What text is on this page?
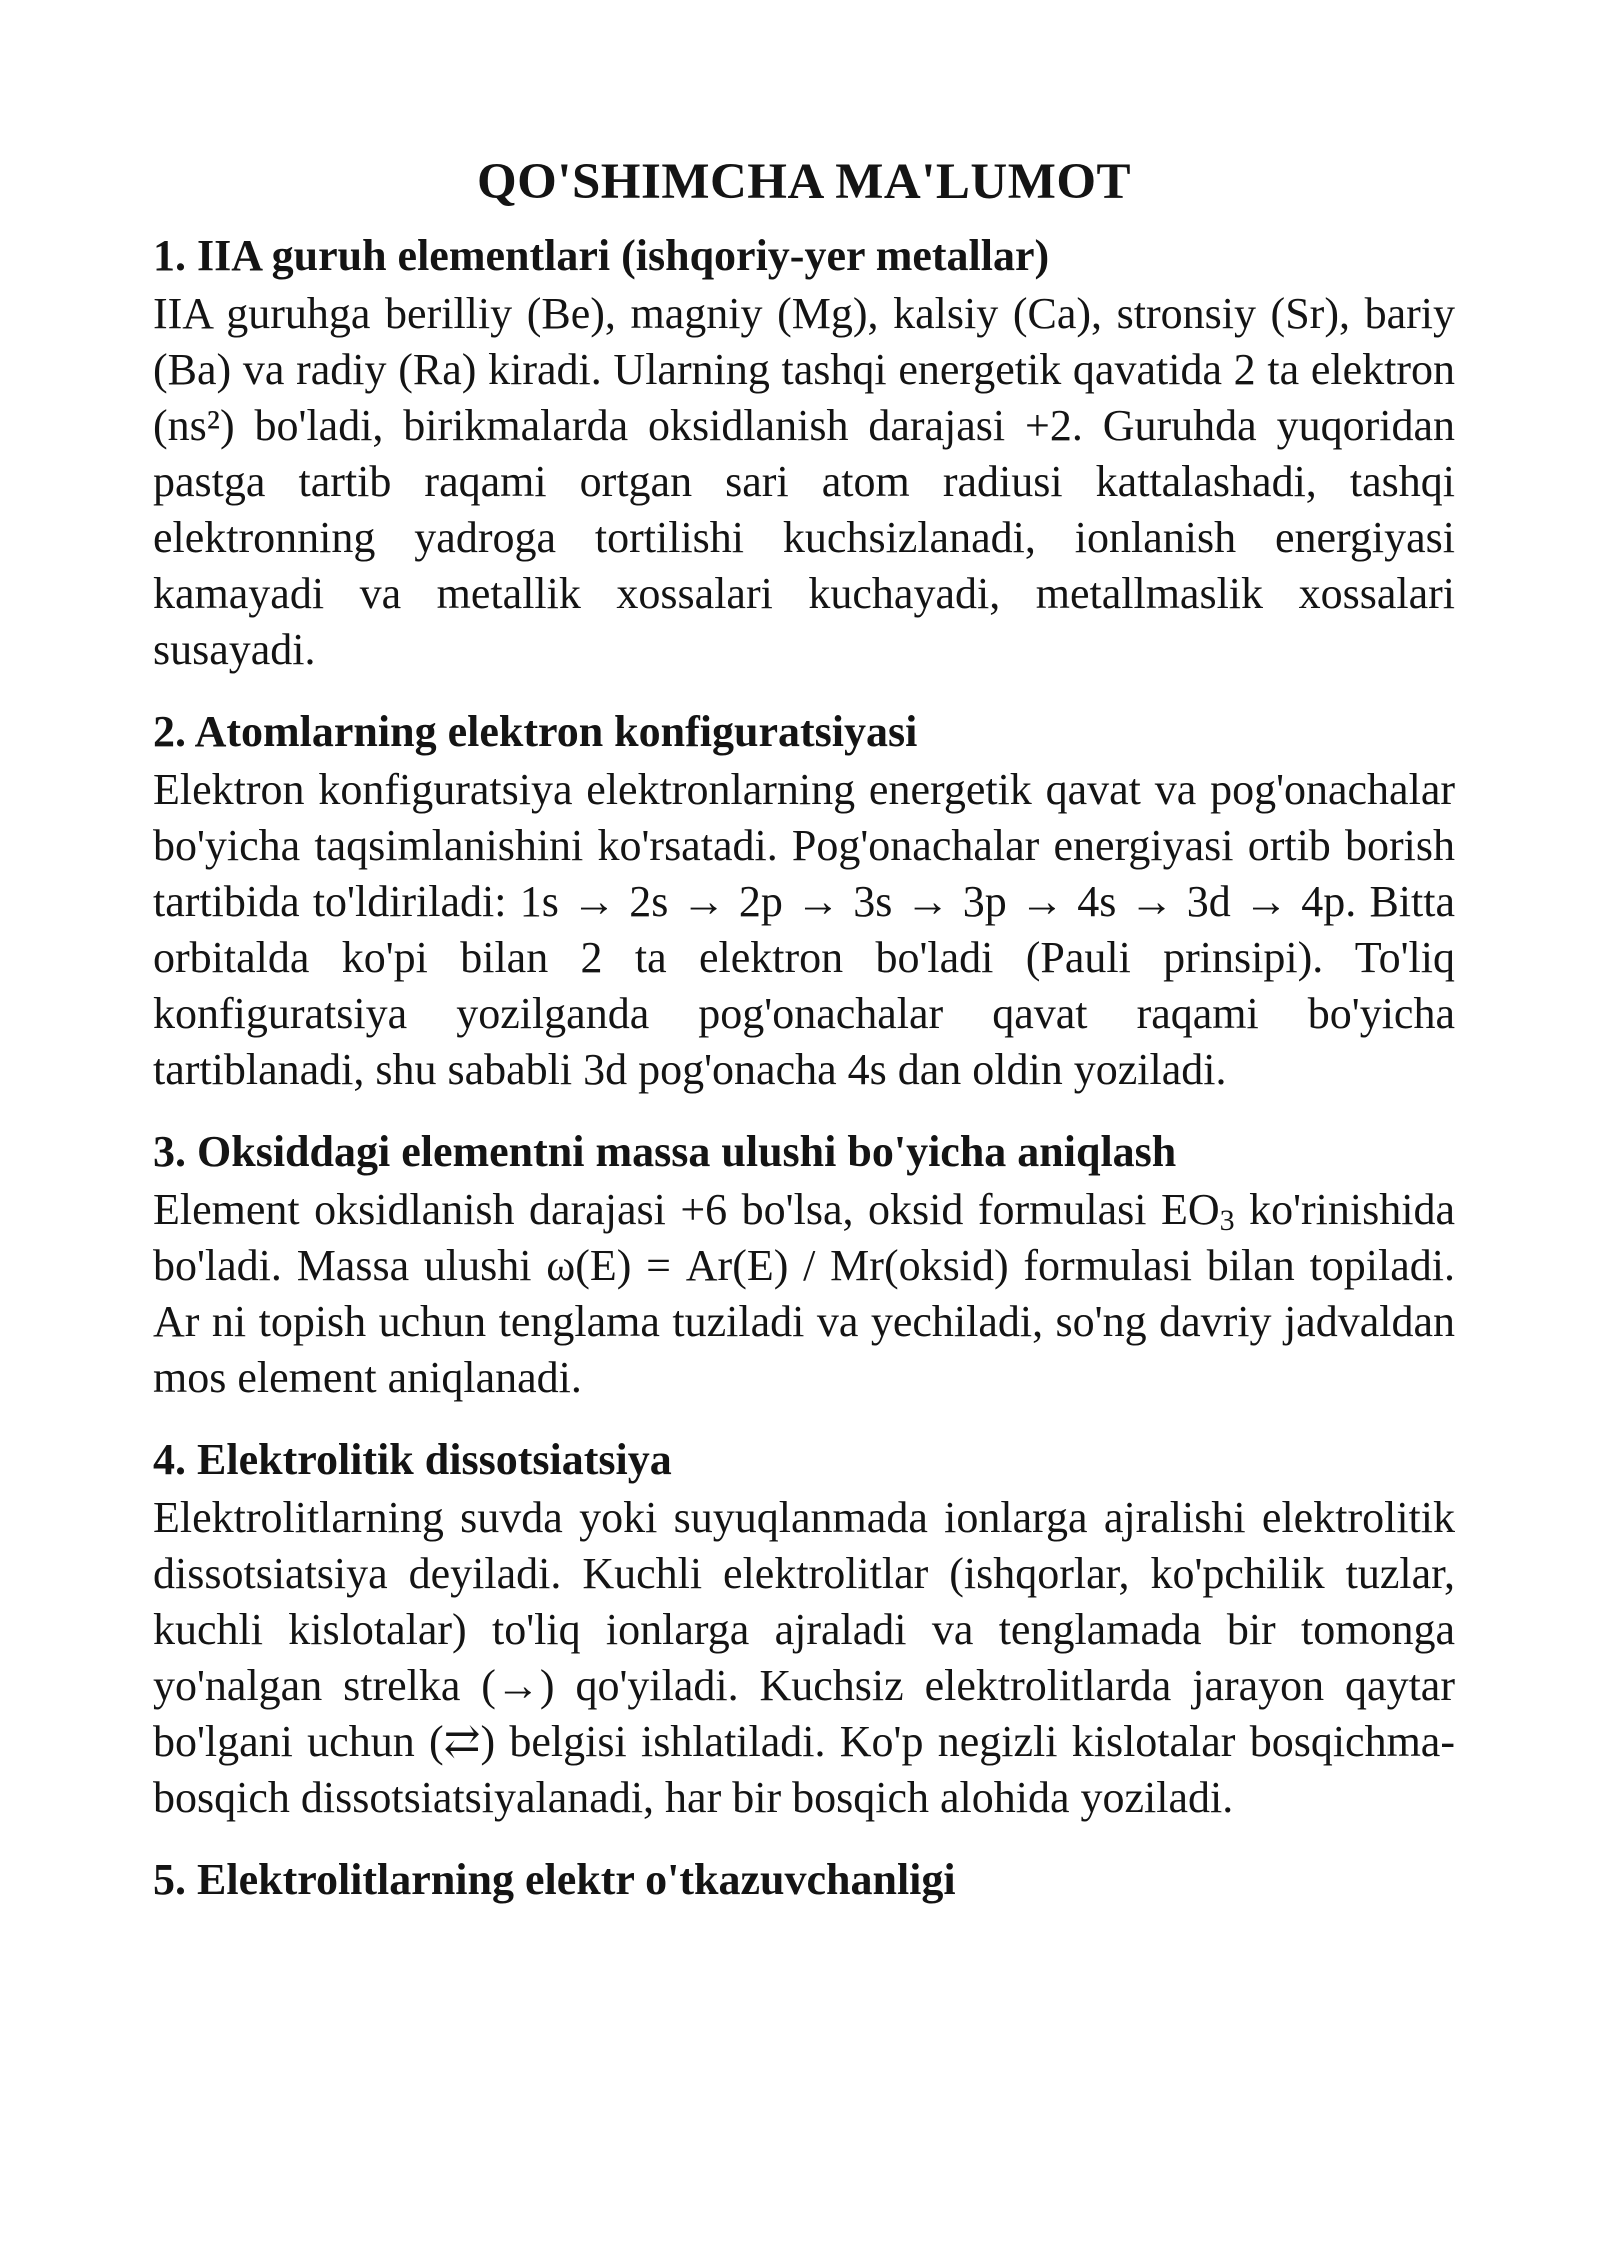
QO'SHIMCHA MA'LUMOT
1. IIA guruh elementlari (ishqoriy-yer metallar)

IIA guruhga berilliy (Be), magniy (Mg), kalsiy (Ca), stronsiy (Sr), bariy (Ba) va radiy (Ra) kiradi. Ularning tashqi energetik qavatida 2 ta elektron (ns²) bo'ladi, birikmalarda oksidlanish darajasi +2. Guruhda yuqoridan pastga tartib raqami ortgan sari atom radiusi kattalashadi, tashqi elektronning yadroga tortilishi kuchsizlanadi, ionlanish energiyasi kamayadi va metallik xossalari kuchayadi, metallmaslik xossalari susayadi.

2. Atomlarning elektron konfiguratsiyasi

Elektron konfiguratsiya elektronlarning energetik qavat va pog'onachalar bo'yicha taqsimlanishini ko'rsatadi. Pog'onachalar energiyasi ortib borish tartibida to'ldiriladi: 1s → 2s → 2p → 3s → 3p → 4s → 3d → 4p. Bitta orbitalda ko'pi bilan 2 ta elektron bo'ladi (Pauli prinsipi). To'liq konfiguratsiya yozilganda pog'onachalar qavat raqami bo'yicha tartiblanadi, shu sababli 3d pog'onacha 4s dan oldin yoziladi.

3. Oksiddagi elementni massa ulushi bo'yicha aniqlash

Element oksidlanish darajasi +6 bo'lsa, oksid formulasi $EO_3$ ko'rinishida bo'ladi. Massa ulushi ω(E) = Ar(E) / Mr(oksid) formulasi bilan topiladi. Ar ni topish uchun tenglama tuziladi va yechiladi, so'ng davriy jadvaldan mos element aniqlanadi.

4. Elektrolitik dissotsiatsiya

Elektrolitlarning suvda yoki suyuqlanmada ionlarga ajralishi elektrolitik dissotsiatsiya deyiladi. Kuchli elektrolitlar (ishqorlar, ko'pchilik tuzlar, kuchli kislotalar) to'liq ionlarga ajraladi va tenglamada bir tomonga yo'nalgan strelka (→) qo'yiladi. Kuchsiz elektrolitlarda jarayon qaytar bo'lgani uchun (⇄) belgisi ishlatiladi. Ko'p negizli kislotalar bosqichma-bosqich dissotsiatsiyalanadi, har bir bosqich alohida yoziladi.

5. Elektrolitlarning elektr o'tkazuvchanligi
